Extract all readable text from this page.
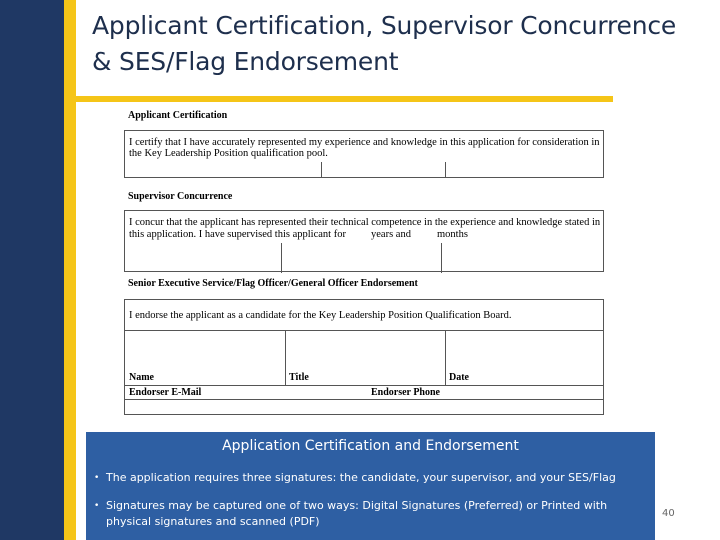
Applicant Certification, Supervisor Concurrence
& SES/Flag Endorsement
Applicant Certification
I certify that I have accurately represented my experience and knowledge in this application for consideration in the Key Leadership Position qualification pool.
Supervisor Concurrence
I concur that the applicant has represented their technical competence in the experience and knowledge stated in
this application. I have supervised this applicant for years and months
Senior Executive Service/Flag Officer/General Officer Endorsement
I endorse the applicant as a candidate for the Key Leadership Position Qualification Board.
Name	Title	Date
Endorser E-Mail	Endorser Phone
Application Certification and Endorsement
• The application requires three signatures: the candidate, your supervisor, and your SES/Flag
• Signatures may be captured one of two ways: Digital Signatures (Preferred) or Printed with physical signatures and scanned (PDF)
40
